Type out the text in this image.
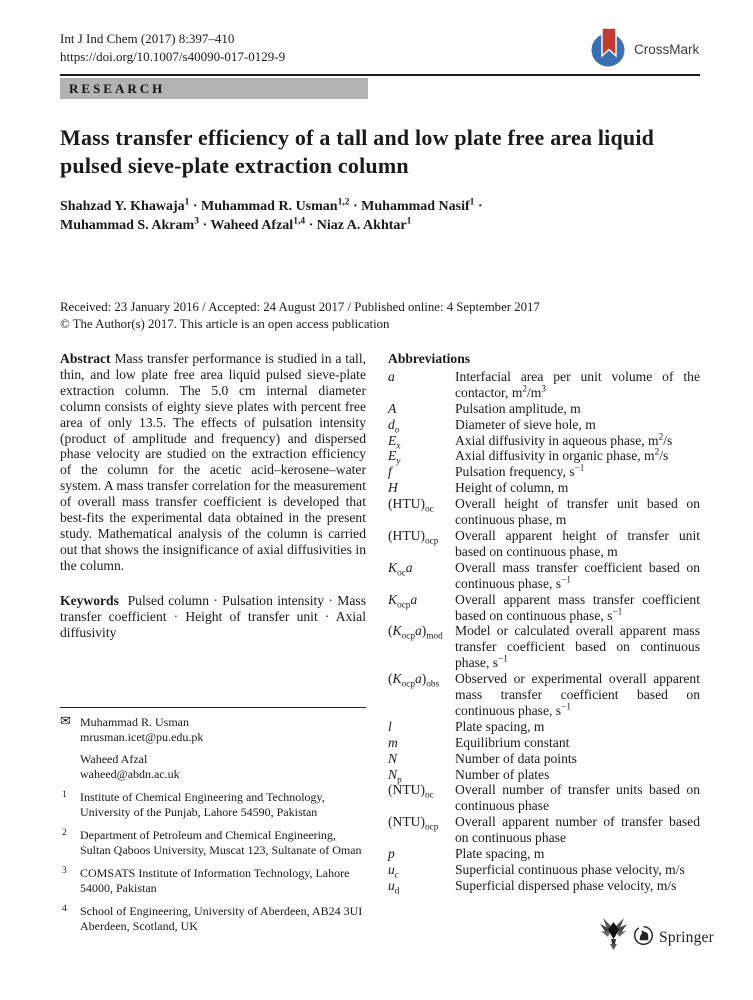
Int J Ind Chem (2017) 8:397–410
https://doi.org/10.1007/s40090-017-0129-9	CrossMark
RESEARCH
Mass transfer efficiency of a tall and low plate free area liquid pulsed sieve-plate extraction column
Shahzad Y. Khawaja$^1$ · Muhammad R. Usman$^{1,2}$ · Muhammad Nasif$^1$ ·
Muhammad S. Akram$^3$ · Waheed Afzal$^{1,4}$ · Niaz A. Akhtar$^1$
Received: 23 January 2016 / Accepted: 24 August 2017 / Published online: 4 September 2017
© The Author(s) 2017. This article is an open access publication

Abstract Mass transfer performance is studied in a tall, thin, and low plate free area liquid pulsed sieve-plate extraction column. The 5.0 cm internal diameter column consists of eighty sieve plates with percent free area of only 13.5. The effects of pulsation intensity (product of amplitude and frequency) and dispersed phase velocity are studied on the extraction efficiency of the column for the acetic acid–kerosene–water system. A mass transfer correlation for the measurement of overall mass transfer coefficient is developed that best-fits the experimental data obtained in the present study. Mathematical analysis of the column is carried out that shows the insignificance of axial diffusivities in the column.

Keywords Pulsed column · Pulsation intensity · Mass transfer coefficient · Height of transfer unit · Axial diffusivity

Abbreviations
a	Interfacial area per unit volume of the contactor, $m^2/m^3$
A	Pulsation amplitude, m
$d_o$	Diameter of sieve hole, m
$E_x$	Axial diffusivity in aqueous phase, $m^2/s$
$E_y$	Axial diffusivity in organic phase, $m^2/s$
f	Pulsation frequency, $s^{-1}$
H	Height of column, m
$(HTU)_{oc}$	Overall height of transfer unit based on continuous phase, m
$(HTU)_{ocp}$	Overall apparent height of transfer unit based on continuous phase, m
$K_{oc}a$	Overall mass transfer coefficient based on continuous phase, $s^{-1}$
$K_{ocp}a$	Overall apparent mass transfer coefficient based on continuous phase, $s^{-1}$
$(K_{ocp}a)_{mod}$ Model or calculated overall apparent mass transfer coefficient based on continuous phase, $s^{-1}$
$(K_{ocp}a)_{obs}$	Observed or experimental overall apparent mass transfer coefficient based on continuous phase, $s^{-1}$
l	Plate spacing, m
m	Equilibrium constant
N	Number of data points
$N_p$	Number of plates
$(NTU)_{oc}$	Overall number of transfer units based on continuous phase
$(NTU)_{ocp}$	Overall apparent number of transfer based on continuous phase
p	Plate spacing, m
$u_c$	Superficial continuous phase velocity, m/s
$u_d$	Superficial dispersed phase velocity, m/s
✉ Muhammad R. Usman
mrusman.icet@pu.edu.pk
Waheed Afzal
waheed@abdn.ac.uk
1 Institute of Chemical Engineering and Technology, University of the Punjab, Lahore 54590, Pakistan
2 Department of Petroleum and Chemical Engineering, Sultan Qaboos University, Muscat 123, Sultanate of Oman
3 COMSATS Institute of Information Technology, Lahore 54000, Pakistan
4 School of Engineering, University of Aberdeen, AB24 3UI Aberdeen, Scotland, UK
Springer
